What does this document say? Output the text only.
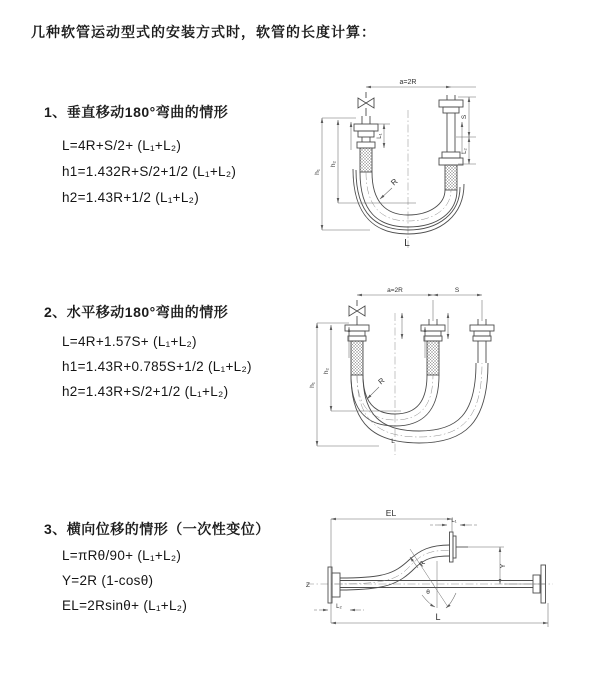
几种软管运动型式的安装方式时，软管的长度计算：
1、垂直移动180°弯曲的情形

L=4R+S/2+ (L₁+L₂)

h1=1.432R+S/2+1/2 (L₁+L₂)

h2=1.43R+1/2 (L₁+L₂)

2、水平移动180°弯曲的情形

L=4R+1.57S+ (L₁+L₂)

h1=1.43R+0.785S+1/2 (L₁+L₂)

h2=1.43R+S/2+1/2 (L₁+L₂)

3、横向位移的情形（一次性变位）

L=πRθ/90+ (L₁+L₂)

Y=2R (1-cosθ)

EL=2Rsinθ+ (L₁+L₂)

a=2R
h₁
h₂
L₁
S
L₂
R
L
a=2R	S
h₁
h₂
R
L
Z
EL
L₁
Y
R
θ
L
L₂
